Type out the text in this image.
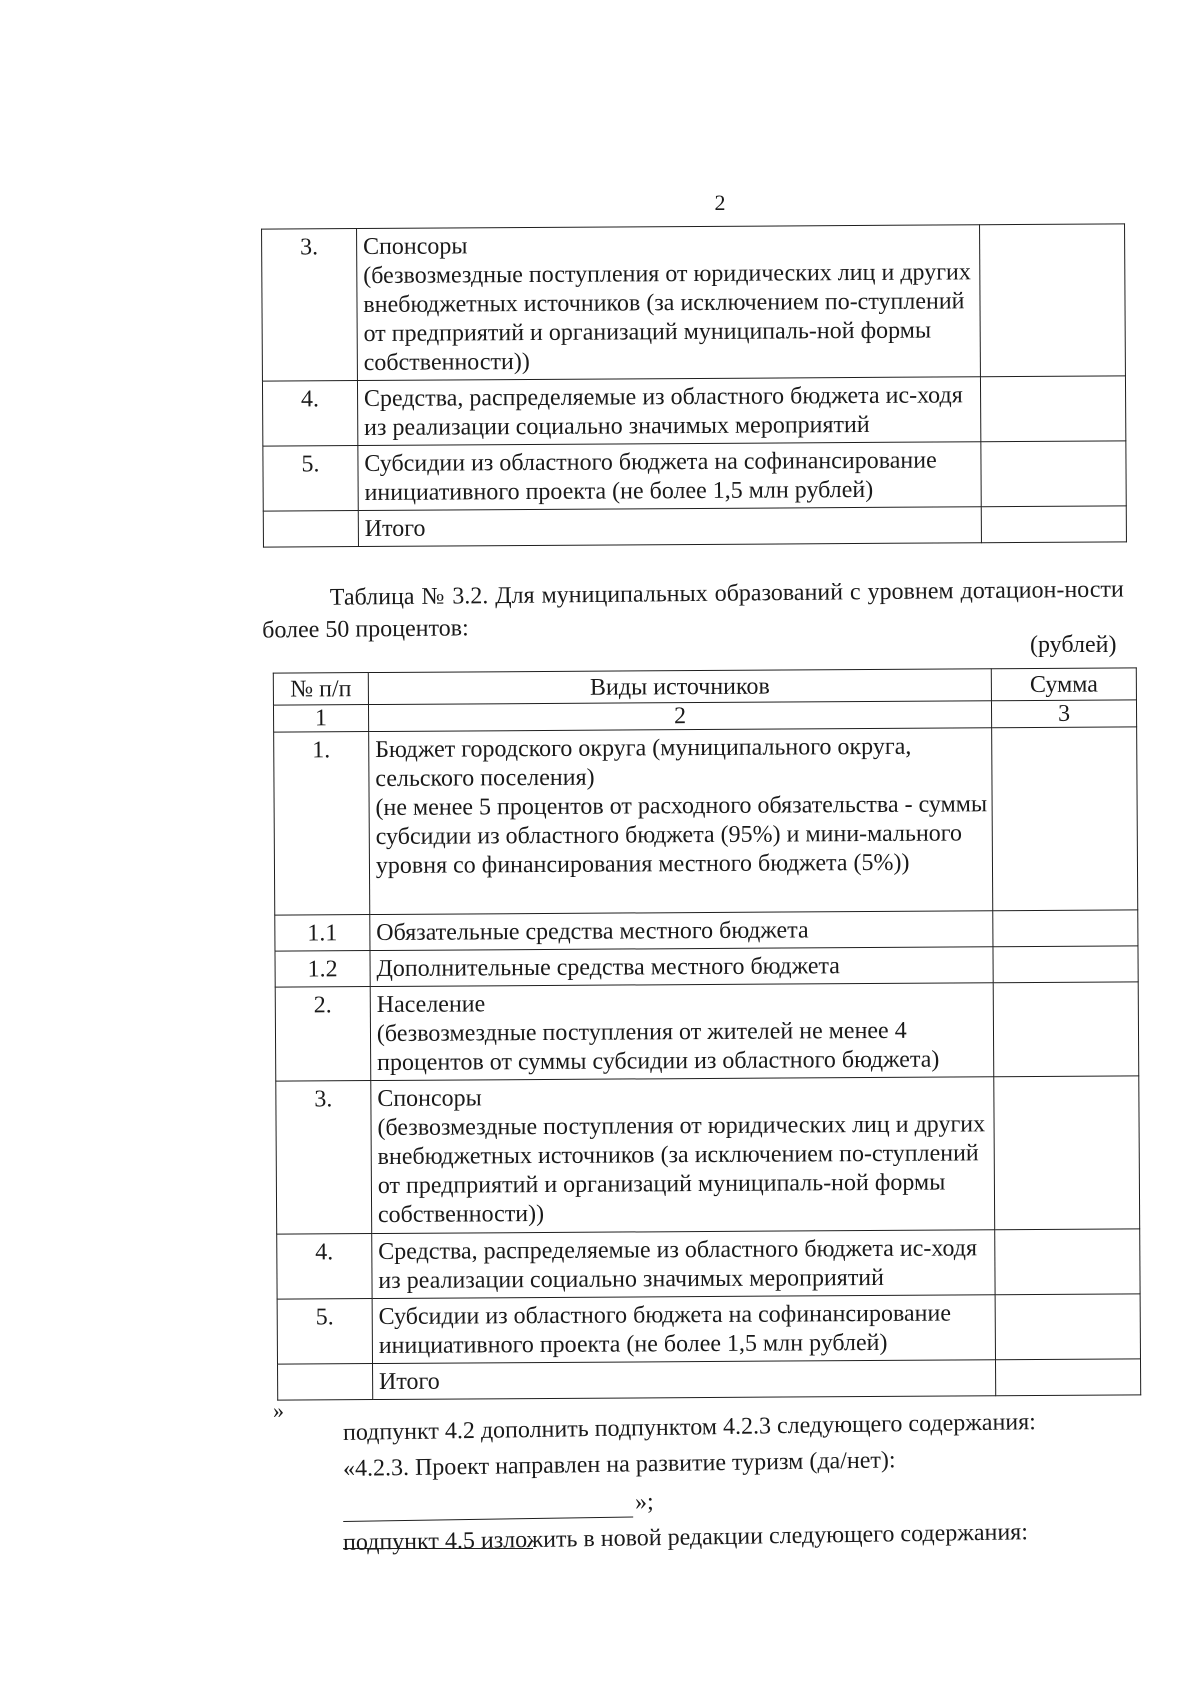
2
3.	Спонсоры
(безвозмездные поступления от юридических лиц и других внебюджетных источников (за исключением по-ступлений от предприятий и организаций муниципаль-ной формы собственности))	
4.	Средства, распределяемые из областного бюджета ис-ходя из реализации социально значимых мероприятий	
5.	Субсидии из областного бюджета на софинансирование инициативного проекта (не более 1,5 млн рублей)	
	Итого	
Таблица № 3.2. Для муниципальных образований с уровнем дотацион-ности более 50 процентов:
(рублей)
№ п/п	Виды источников	Сумма
1	2	3
1.	Бюджет городского округа (муниципального округа, сельского поселения)
(не менее 5 процентов от расходного обязательства - суммы субсидии из областного бюджета (95%) и мини-мального уровня со финансирования местного бюджета (5%))	
1.1	Обязательные средства местного бюджета	
1.2	Дополнительные средства местного бюджета	
2.	Население
(безвозмездные поступления от жителей не менее 4 процентов от суммы субсидии из областного бюджета)	
3.	Спонсоры
(безвозмездные поступления от юридических лиц и других внебюджетных источников (за исключением по-ступлений от предприятий и организаций муниципаль-ной формы собственности))	
4.	Средства, распределяемые из областного бюджета ис-ходя из реализации социально значимых мероприятий	
5.	Субсидии из областного бюджета на софинансирование инициативного проекта (не более 1,5 млн рублей)	
	Итого	
» подпункт 4.2 дополнить подпунктом 4.2.3 следующего содержания:
«4.2.3. Проект направлен на развитие туризм (да/нет):
»;
подпункт 4.5 изложить в новой редакции следующего содержания:
